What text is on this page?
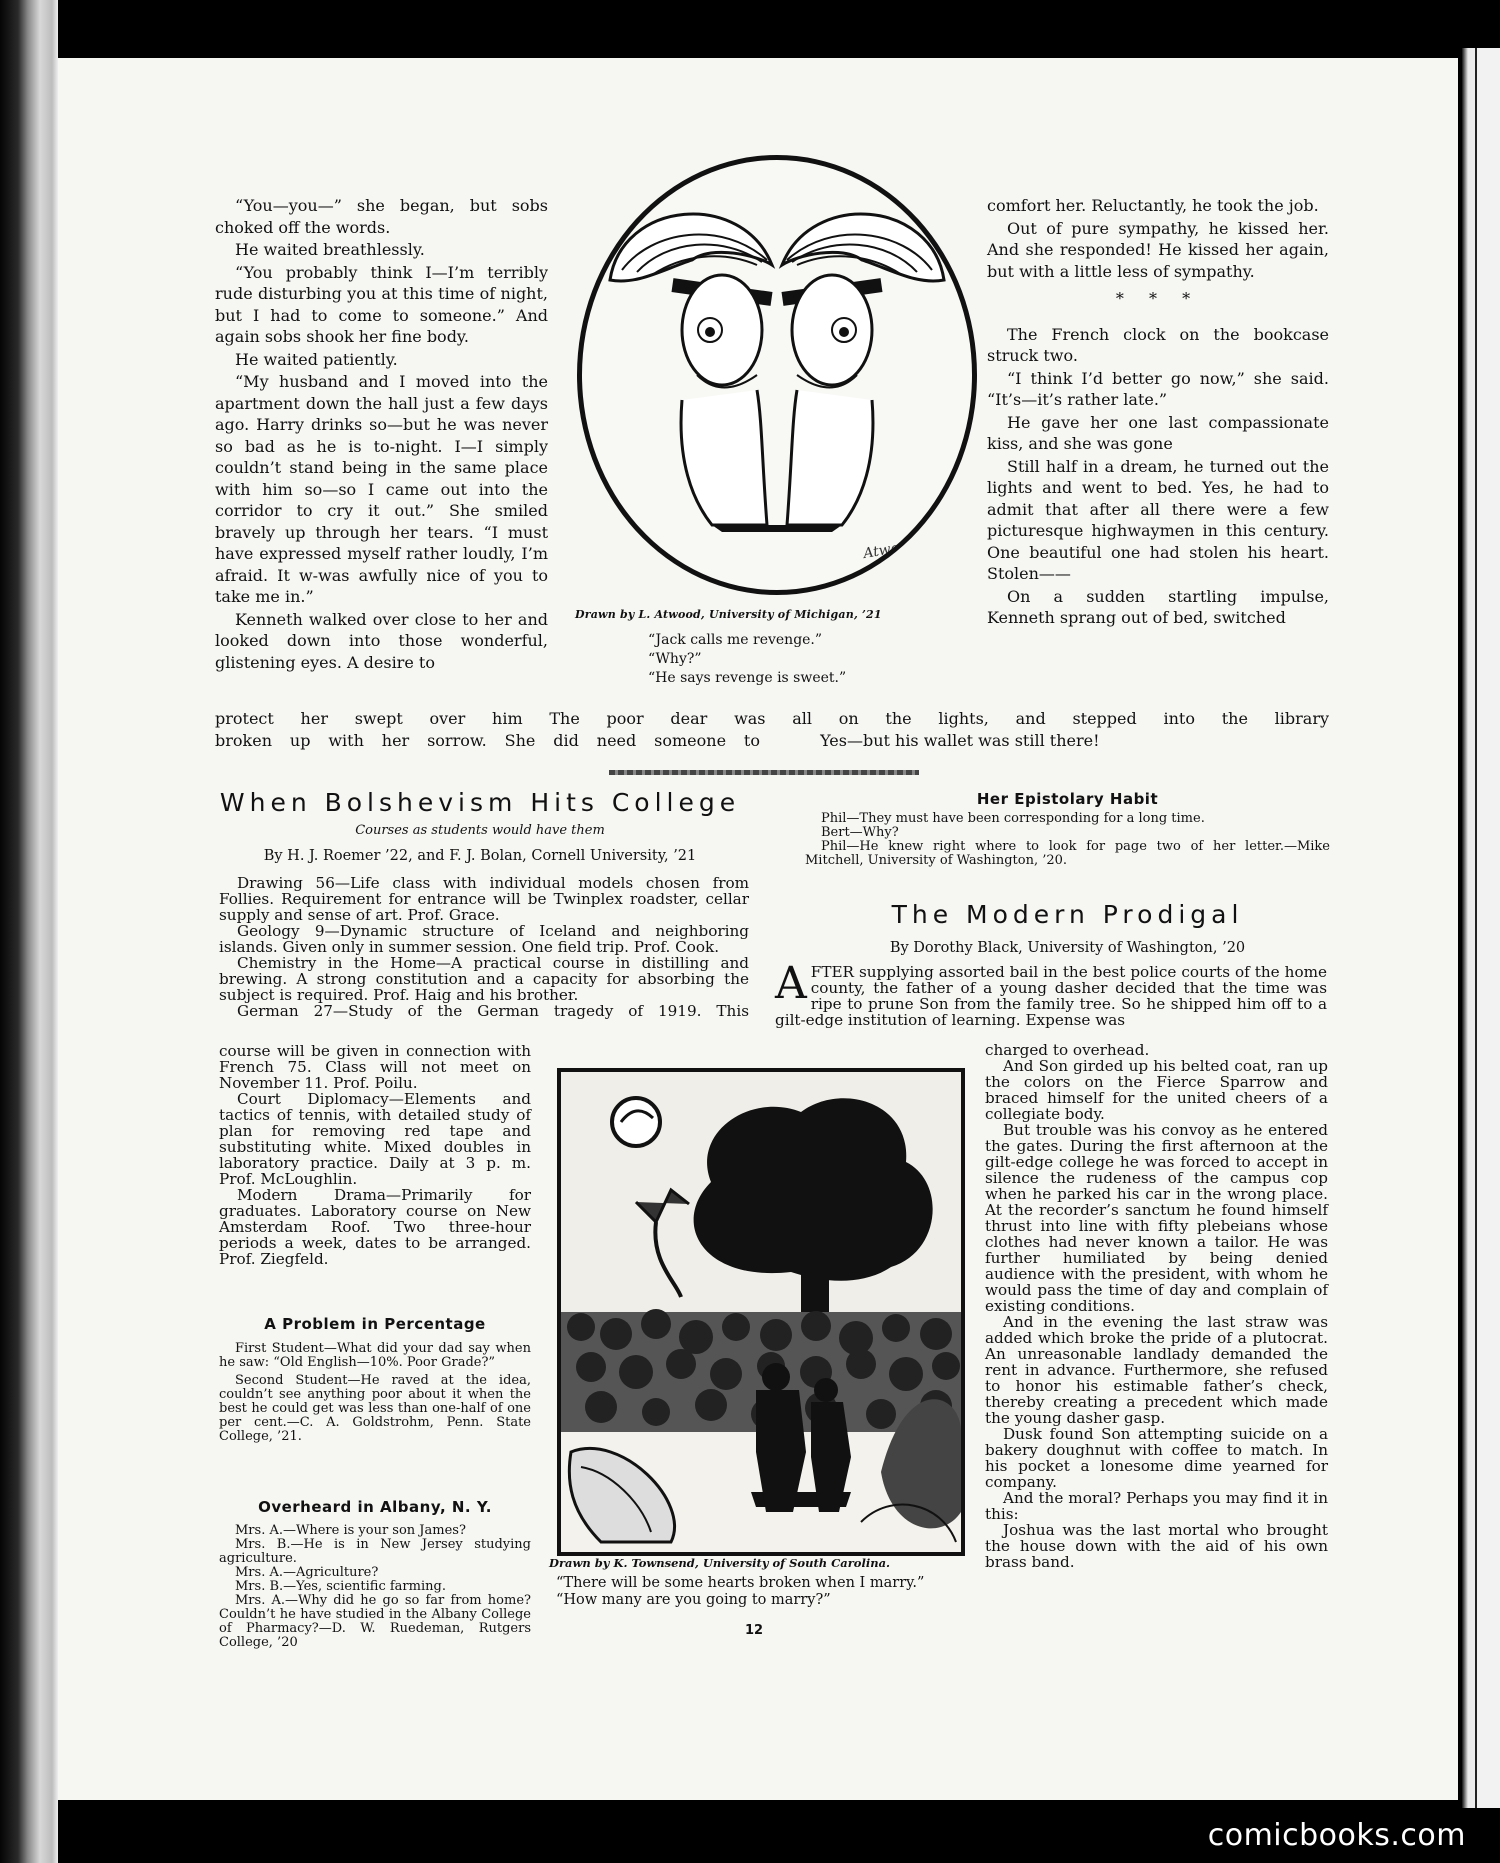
“You—you—” she began, but sobs choked off the words.

He waited breathlessly.

“You probably think I—I’m terribly rude disturbing you at this time of night, but I had to come to someone.” And again sobs shook her fine body.

He waited patiently.

“My husband and I moved into the apartment down the hall just a few days ago. Harry drinks so—but he was never so bad as he is to-night. I—I simply couldn’t stand being in the same place with him so—so I came out into the corridor to cry it out.” She smiled bravely up through her tears. “I must have expressed myself rather loudly, I’m afraid. It w-was awfully nice of you to take me in.”

Kenneth walked over close to her and looked down into those wonderful, glistening eyes. A desire to

Atwood
Drawn by L. Atwood, University of Michigan, ’21
“Jack calls me revenge.”
“Why?”
“He says revenge is sweet.”

comfort her. Reluctantly, he took the job.

Out of pure sympathy, he kissed her. And she responded! He kissed her again, but with a little less of sympathy.

* * *

The French clock on the bookcase struck two.

“I think I’d better go now,” she said. “It’s—it’s rather late.”

He gave her one last compassionate kiss, and she was gone

Still half in a dream, he turned out the lights and went to bed. Yes, he had to admit that after all there were a few picturesque highwaymen in this century. One beautiful one had stolen his heart. Stolen——

On a sudden startling impulse, Kenneth sprang out of bed, switched

protect her swept over him The poor dear was all on the lights, and stepped into the library
broken up with her sorrow. She did need someone to	Yes—but his wallet was still there!
When Bolshevism Hits College
Courses as students would have them
By H. J. Roemer ’22, and F. J. Bolan, Cornell University, ’21

Drawing 56—Life class with individual models chosen from Follies. Requirement for entrance will be Twinplex roadster, cellar supply and sense of art. Prof. Grace.

Geology 9—Dynamic structure of Iceland and neighboring islands. Given only in summer session. One field trip. Prof. Cook.

Chemistry in the Home—A practical course in distilling and brewing. A strong constitution and a capacity for absorbing the subject is required. Prof. Haig and his brother.

German 27—Study of the German tragedy of 1919. This

course will be given in connection with French 75. Class will not meet on November 11. Prof. Poilu.

Court Diplomacy—Elements and tactics of tennis, with detailed study of plan for removing red tape and substituting white. Mixed doubles in laboratory practice. Daily at 3 p. m. Prof. McLoughlin.

Modern Drama—Primarily for graduates. Laboratory course on New Amsterdam Roof. Two three-hour periods a week, dates to be arranged. Prof. Ziegfeld.

A Problem in Percentage

First Student—What did your dad say when he saw: “Old English—10%. Poor Grade?”

Second Student—He raved at the idea, couldn’t see anything poor about it when the best he could get was less than one-half of one per cent.—C. A. Goldstrohm, Penn. State College, ’21.

Overheard in Albany, N. Y.

Mrs. A.—Where is your son James?

Mrs. B.—He is in New Jersey studying agriculture.

Mrs. A.—Agriculture?

Mrs. B.—Yes, scientific farming.

Mrs. A.—Why did he go so far from home? Couldn’t he have studied in the Albany College of Pharmacy?—D. W. Ruedeman, Rutgers College, ’20

Her Epistolary Habit

Phil—They must have been corresponding for a long time.

Bert—Why?

Phil—He knew right where to look for page two of her letter.—Mike Mitchell, University of Washington, ’20.

The Modern Prodigal
By Dorothy Black, University of Washington, ’20

AFTER supplying assorted bail in the best police courts of the home county, the father of a young dasher decided that the time was ripe to prune Son from the family tree. So he shipped him off to a gilt-edge institution of learning. Expense was

charged to overhead.

And Son girded up his belted coat, ran up the colors on the Fierce Sparrow and braced himself for the united cheers of a collegiate body.

But trouble was his convoy as he entered the gates. During the first afternoon at the gilt-edge college he was forced to accept in silence the rudeness of the campus cop when he parked his car in the wrong place. At the recorder’s sanctum he found himself thrust into line with fifty plebeians whose clothes had never known a tailor. He was further humiliated by being denied audience with the president, with whom he would pass the time of day and complain of existing conditions.

And in the evening the last straw was added which broke the pride of a plutocrat. An unreasonable landlady demanded the rent in advance. Furthermore, she refused to honor his estimable father’s check, thereby creating a precedent which made the young dasher gasp.

Dusk found Son attempting suicide on a bakery doughnut with coffee to match. In his pocket a lonesome dime yearned for company.

And the moral? Perhaps you may find it in this:

Joshua was the last mortal who brought the house down with the aid of his own brass band.

Drawn by K. Townsend, University of South Carolina.
“There will be some hearts broken when I marry.”
“How many are you going to marry?”
12
comicbooks.com
